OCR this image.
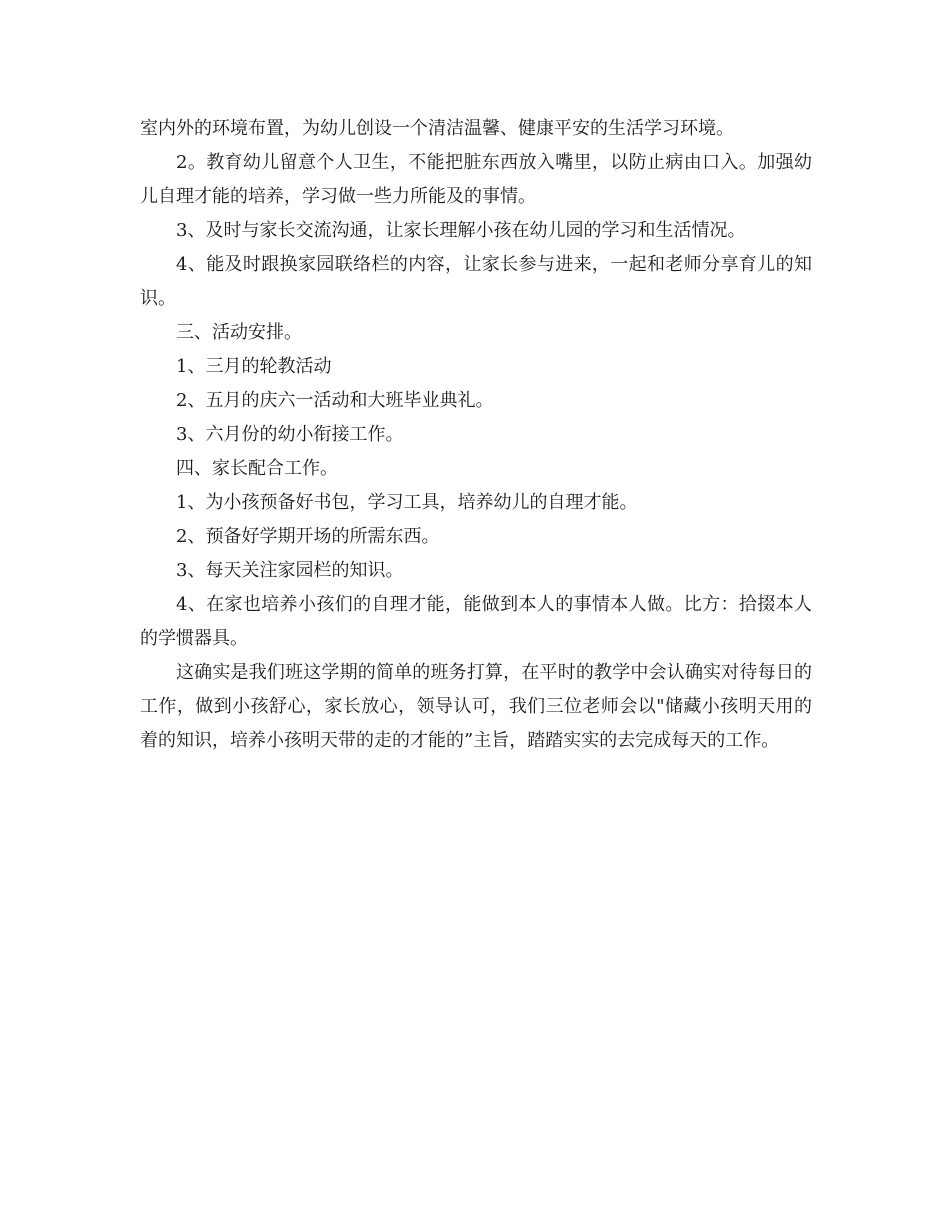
室内外的环境布置，为幼儿创设一个清洁温馨、健康平安的生活学习环境。

2。教育幼儿留意个人卫生，不能把脏东西放入嘴里，以防止病由口入。加强幼儿自理才能的培养，学习做一些力所能及的事情。

3、及时与家长交流沟通，让家长理解小孩在幼儿园的学习和生活情况。

4、能及时跟换家园联络栏的内容，让家长参与进来，一起和老师分享育儿的知识。

三、活动安排。

1、三月的轮教活动

2、五月的庆六一活动和大班毕业典礼。

3、六月份的幼小衔接工作。

四、家长配合工作。

1、为小孩预备好书包，学习工具，培养幼儿的自理才能。

2、预备好学期开场的所需东西。

3、每天关注家园栏的知识。

4、在家也培养小孩们的自理才能，能做到本人的事情本人做。比方：拾掇本人的学惯器具。

这确实是我们班这学期的简单的班务打算，在平时的教学中会认确实对待每日的工作，做到小孩舒心，家长放心，领导认可，我们三位老师会以"储藏小孩明天用的着的知识，培养小孩明天带的走的才能的”主旨，踏踏实实的去完成每天的工作。
